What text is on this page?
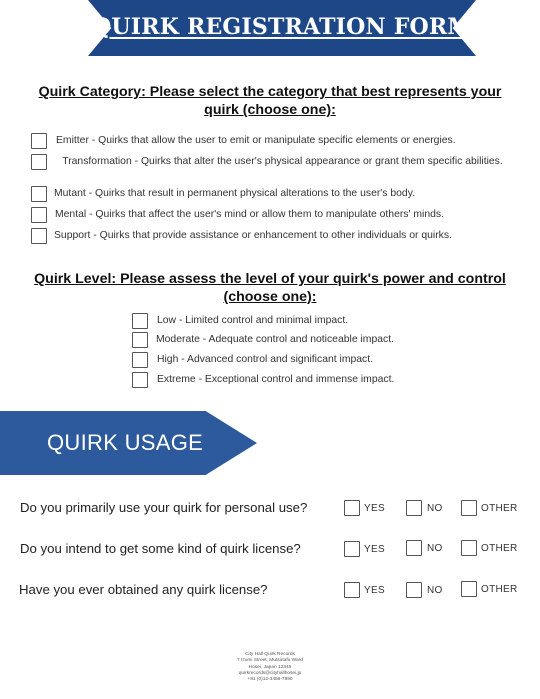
QUIRK REGISTRATION FORM
Quirk Category: Please select the category that best represents your quirk (choose one):
Emitter - Quirks that allow the user to emit or manipulate specific elements or energies.
Transformation - Quirks that alter the user's physical appearance or grant them specific abilities.
Mutant - Quirks that result in permanent physical alterations to the user's body.
Mental - Quirks that affect the user's mind or allow them to manipulate others' minds.
Support - Quirks that provide assistance or enhancement to other individuals or quirks.
Quirk Level: Please assess the level of your quirk's power and control (choose one):
Low - Limited control and minimal impact.
Moderate - Adequate control and noticeable impact.
High - Advanced control and significant impact.
Extreme - Exceptional control and immense impact.
QUIRK USAGE
Do you primarily use your quirk for personal use?	YES	NO	OTHER
Do you intend to get some kind of quirk license?	YES	NO	OTHER
Have you ever obtained any quirk license?	YES	NO	OTHER
City Hall Quirk Records
7 Izumi Street, Mutsutafu Ward
Hosei, Japan 12345
quirkrecords@cityhallhosei.jp
+81 (0)12-3456-7890
